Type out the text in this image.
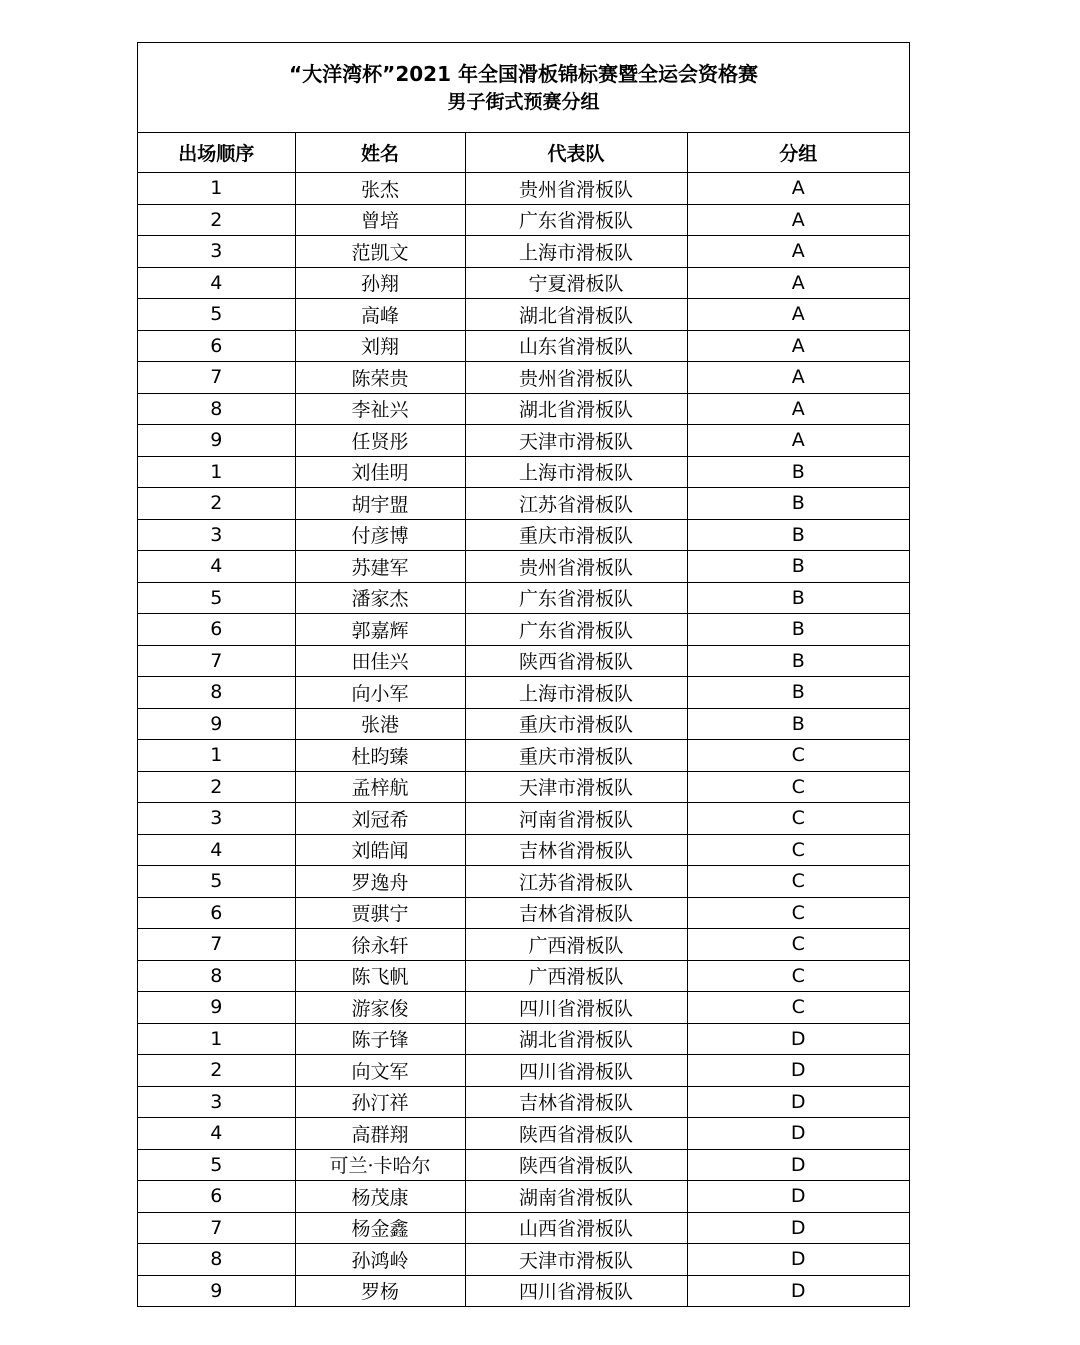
“大洋湾杯”2021 年全国滑板锦标赛暨全运会资格赛
男子街式预赛分组
出场顺序	姓名	代表队	分组
1	张杰	贵州省滑板队	A
2	曾培	广东省滑板队	A
3	范凯文	上海市滑板队	A
4	孙翔	宁夏滑板队	A
5	高峰	湖北省滑板队	A
6	刘翔	山东省滑板队	A
7	陈荣贵	贵州省滑板队	A
8	李祉兴	湖北省滑板队	A
9	任贤彤	天津市滑板队	A
1	刘佳明	上海市滑板队	B
2	胡宇盟	江苏省滑板队	B
3	付彦博	重庆市滑板队	B
4	苏建军	贵州省滑板队	B
5	潘家杰	广东省滑板队	B
6	郭嘉辉	广东省滑板队	B
7	田佳兴	陕西省滑板队	B
8	向小军	上海市滑板队	B
9	张港	重庆市滑板队	B
1	杜昀臻	重庆市滑板队	C
2	孟梓航	天津市滑板队	C
3	刘冠希	河南省滑板队	C
4	刘皓闻	吉林省滑板队	C
5	罗逸舟	江苏省滑板队	C
6	贾骐宁	吉林省滑板队	C
7	徐永轩	广西滑板队	C
8	陈飞帆	广西滑板队	C
9	游家俊	四川省滑板队	C
1	陈子锋	湖北省滑板队	D
2	向文军	四川省滑板队	D
3	孙汀祥	吉林省滑板队	D
4	高群翔	陕西省滑板队	D
5	可兰·卡哈尔	陕西省滑板队	D
6	杨茂康	湖南省滑板队	D
7	杨金鑫	山西省滑板队	D
8	孙鸿岭	天津市滑板队	D
9	罗杨	四川省滑板队	D
